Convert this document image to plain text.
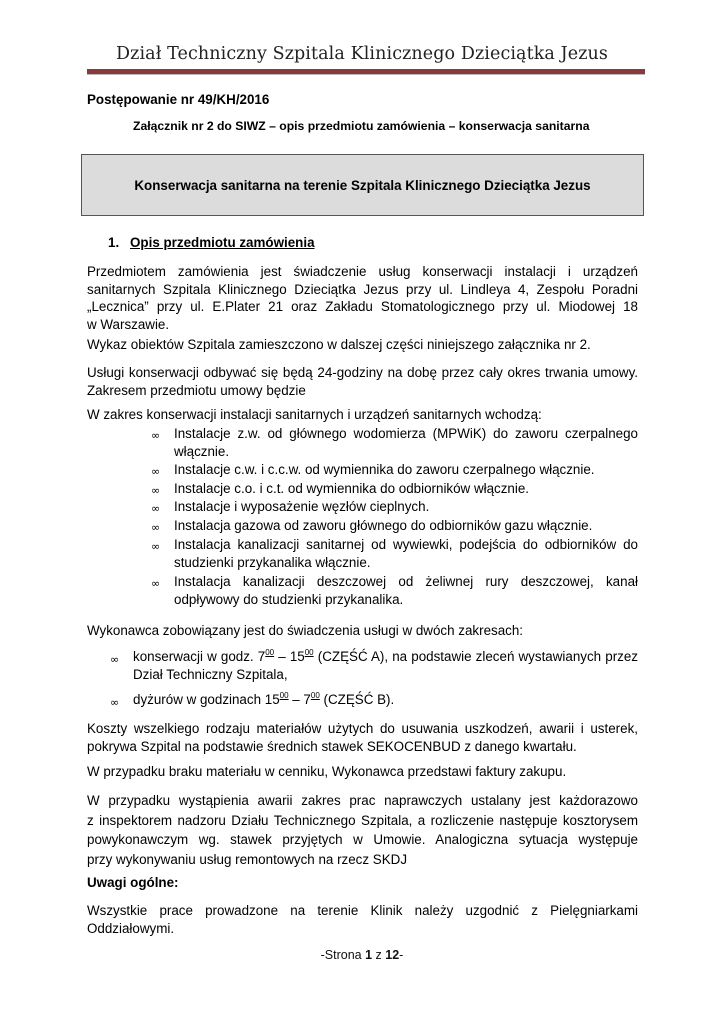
Dział Techniczny Szpitala Klinicznego Dzieciątka Jezus
Postępowanie nr 49/KH/2016
Załącznik nr 2 do SIWZ – opis przedmiotu zamówienia – konserwacja sanitarna
Konserwacja sanitarna na terenie Szpitala Klinicznego Dzieciątka Jezus
1. Opis przedmiotu zamówienia
Przedmiotem zamówienia jest świadczenie usług konserwacji instalacji i urządzeń
sanitarnych Szpitala Klinicznego Dzieciątka Jezus przy ul. Lindleya 4, Zespołu Poradni
„Lecznica” przy ul. E.Plater 21 oraz Zakładu Stomatologicznego przy ul. Miodowej 18
w Warszawie.
Wykaz obiektów Szpitala zamieszczono w dalszej części niniejszego załącznika nr 2.
Usługi konserwacji odbywać się będą 24-godziny na dobę przez cały okres trwania umowy.
Zakresem przedmiotu umowy będzie
W zakres konserwacji instalacji sanitarnych i urządzeń sanitarnych wchodzą:
∞ Instalacje z.w. od głównego wodomierza (MPWiK) do zaworu czerpalnego
włącznie.
∞ Instalacje c.w. i c.c.w. od wymiennika do zaworu czerpalnego włącznie.
∞ Instalacje c.o. i c.t. od wymiennika do odbiorników włącznie.
∞ Instalacje i wyposażenie węzłów cieplnych.
∞ Instalacja gazowa od zaworu głównego do odbiorników gazu włącznie.
∞ Instalacja kanalizacji sanitarnej od wywiewki, podejścia do odbiorników do
studzienki przykanalika włącznie.
∞ Instalacja kanalizacji deszczowej od żeliwnej rury deszczowej, kanał
odpływowy do studzienki przykanalika.
Wykonawca zobowiązany jest do świadczenia usługi w dwóch zakresach:
∞ konserwacji w godz. $7^{00} - 15^{00}$ (CZĘŚĆ A), na podstawie zleceń wystawianych przez
Dział Techniczny Szpitala,
∞ dyżurów w godzinach $15^{00} - 7^{00}$ (CZĘŚĆ B).
Koszty wszelkiego rodzaju materiałów użytych do usuwania uszkodzeń, awarii i usterek,
pokrywa Szpital na podstawie średnich stawek SEKOCENBUD z danego kwartału.
W przypadku braku materiału w cenniku, Wykonawca przedstawi faktury zakupu.
W przypadku wystąpienia awarii zakres prac naprawczych ustalany jest każdorazowo
z inspektorem nadzoru Działu Technicznego Szpitala, a rozliczenie następuje kosztorysem
powykonawczym wg. stawek przyjętych w Umowie. Analogiczna sytuacja występuje
przy wykonywaniu usług remontowych na rzecz SKDJ
Uwagi ogólne:
Wszystkie prace prowadzone na terenie Klinik należy uzgodnić z Pielęgniarkami
Oddziałowymi.
-Strona 1 z 12-
